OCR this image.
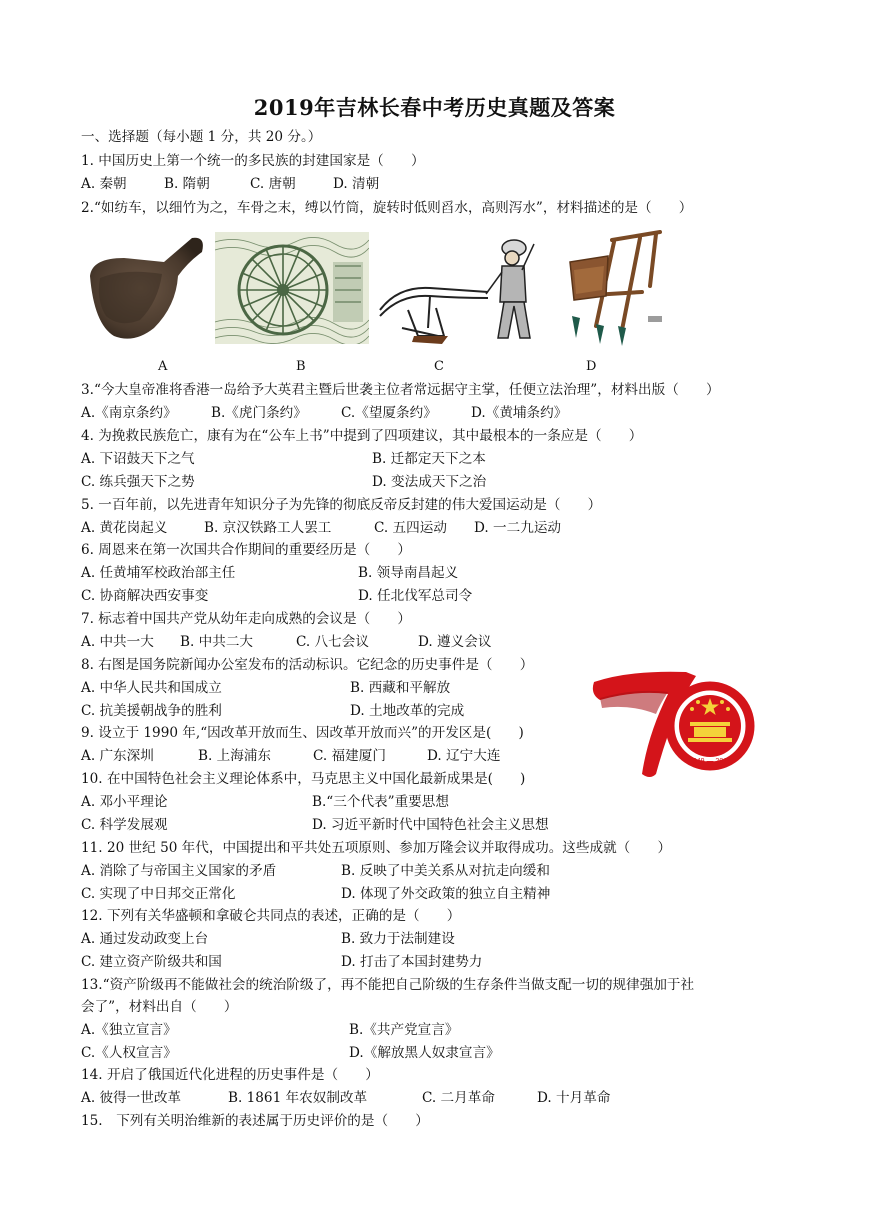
2019年吉林长春中考历史真题及答案
一、选择题（每小题 1 分，共 20 分。）
1. 中国历史上第一个统一的多民族的封建国家是（　　）
A. 秦朝	B. 隋朝	C. 唐朝	D. 清朝
2.“如纺车，以细竹为之，车骨之末，缚以竹筒，旋转时低则舀水，高则泻水”，材料描述的是（　　）
A	B	C	D
3.“今大皇帝准将香港一岛给予大英君主暨后世袭主位者常远据守主掌，任便立法治理”，材料出版（　　）
A.《南京条约》	B.《虎门条约》	C.《望厦条约》	D.《黄埔条约》
4. 为挽救民族危亡，康有为在“公车上书”中提到了四项建议，其中最根本的一条应是（　　）
A. 下诏鼓天下之气	B. 迁都定天下之本
C. 练兵强天下之势	D. 变法成天下之治
5. 一百年前，以先进青年知识分子为先锋的彻底反帝反封建的伟大爱国运动是（　　）
A. 黄花岗起义	B. 京汉铁路工人罢工	C. 五四运动 D. 一二九运动
6. 周恩来在第一次国共合作期间的重要经历是（　　）
A. 任黄埔军校政治部主任	B. 领导南昌起义
C. 协商解决西安事变	D. 任北伐军总司令
7. 标志着中国共产党从幼年走向成熟的会议是（　　）
A. 中共一大 B. 中共二大	C. 八七会议	D. 遵义会议
8. 右图是国务院新闻办公室发布的活动标识。它纪念的历史事件是（　　）
A. 中华人民共和国成立	B. 西藏和平解放
C. 抗美援朝战争的胜利	D. 土地改革的完成
1949 — 2019
9. 设立于 1990 年,“因改革开放而生、因改革开放而兴”的开发区是(　　)
A. 广东深圳	B. 上海浦东	C. 福建厦门	D. 辽宁大连
10. 在中国特色社会主义理论体系中，马克思主义中国化最新成果是(　　)
A. 邓小平理论	B.“三个代表”重要思想
C. 科学发展观	D. 习近平新时代中国特色社会主义思想
11. 20 世纪 50 年代，中国提出和平共处五项原则、参加万隆会议并取得成功。这些成就（　　）
A. 消除了与帝国主义国家的矛盾	B. 反映了中美关系从对抗走向缓和
C. 实现了中日邦交正常化	D. 体现了外交政策的独立自主精神
12. 下列有关华盛顿和拿破仑共同点的表述，正确的是（　　）
A. 通过发动政变上台	B. 致力于法制建设
C. 建立资产阶级共和国	D. 打击了本国封建势力
13.“资产阶级再不能做社会的统治阶级了，再不能把自己阶级的生存条件当做支配一切的规律强加于社
会了”，材料出自（　　）
A.《独立宣言》	B.《共产党宣言》
C.《人权宣言》	D.《解放黑人奴隶宣言》
14. 开启了俄国近代化进程的历史事件是（　　）
A. 彼得一世改革	B. 1861 年农奴制改革	C. 二月革命	D. 十月革命
15.　下列有关明治维新的表述属于历史评价的是（　　）
